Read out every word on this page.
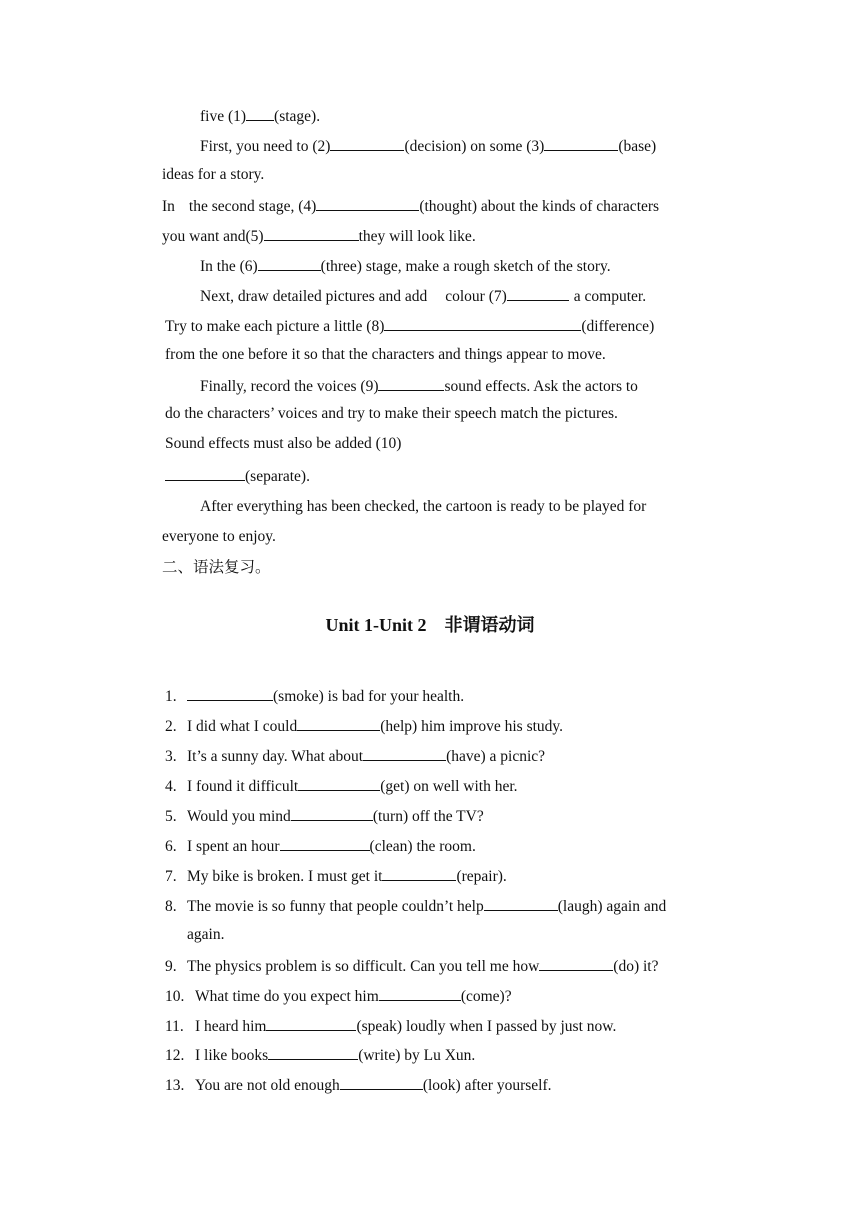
five (1) (stage).
First, you need to (2)	(decision) on some (3)	(base)
ideas for a story.
In the second stage, (4)	(thought) about the kinds of characters
you want and(5)	they will look like.
In the (6)	(three) stage, make a rough sketch of the story.
Next, draw detailed pictures and add colour (7)	a computer.
Try to make each picture a little (8)	(difference)
from the one before it so that the characters and things appear to move.
Finally, record the voices (9)	sound effects. Ask the actors to
do the characters’ voices and try to make their speech match the pictures.
Sound effects must also be added (10)
(separate).
After everything has been checked, the cartoon is ready to be played for
everyone to enjoy.
二、语法复习。
Unit 1-Unit 2　非谓语动词
1.	(smoke) is bad for your health.
2. I did what I could	(help) him improve his study.
3. It’s a sunny day. What about	(have) a picnic?
4. I found it difficult	(get) on well with her.
5. Would you mind	(turn) off the TV?
6. I spent an hour	(clean) the room.
7. My bike is broken. I must get it	(repair).
8. The movie is so funny that people couldn’t help	(laugh) again and
again.
9. The physics problem is so difficult. Can you tell me how	(do) it?
10. What time do you expect him	(come)?
11. I heard him	(speak) loudly when I passed by just now.
12. I like books	(write) by Lu Xun.
13. You are not old enough	(look) after yourself.
